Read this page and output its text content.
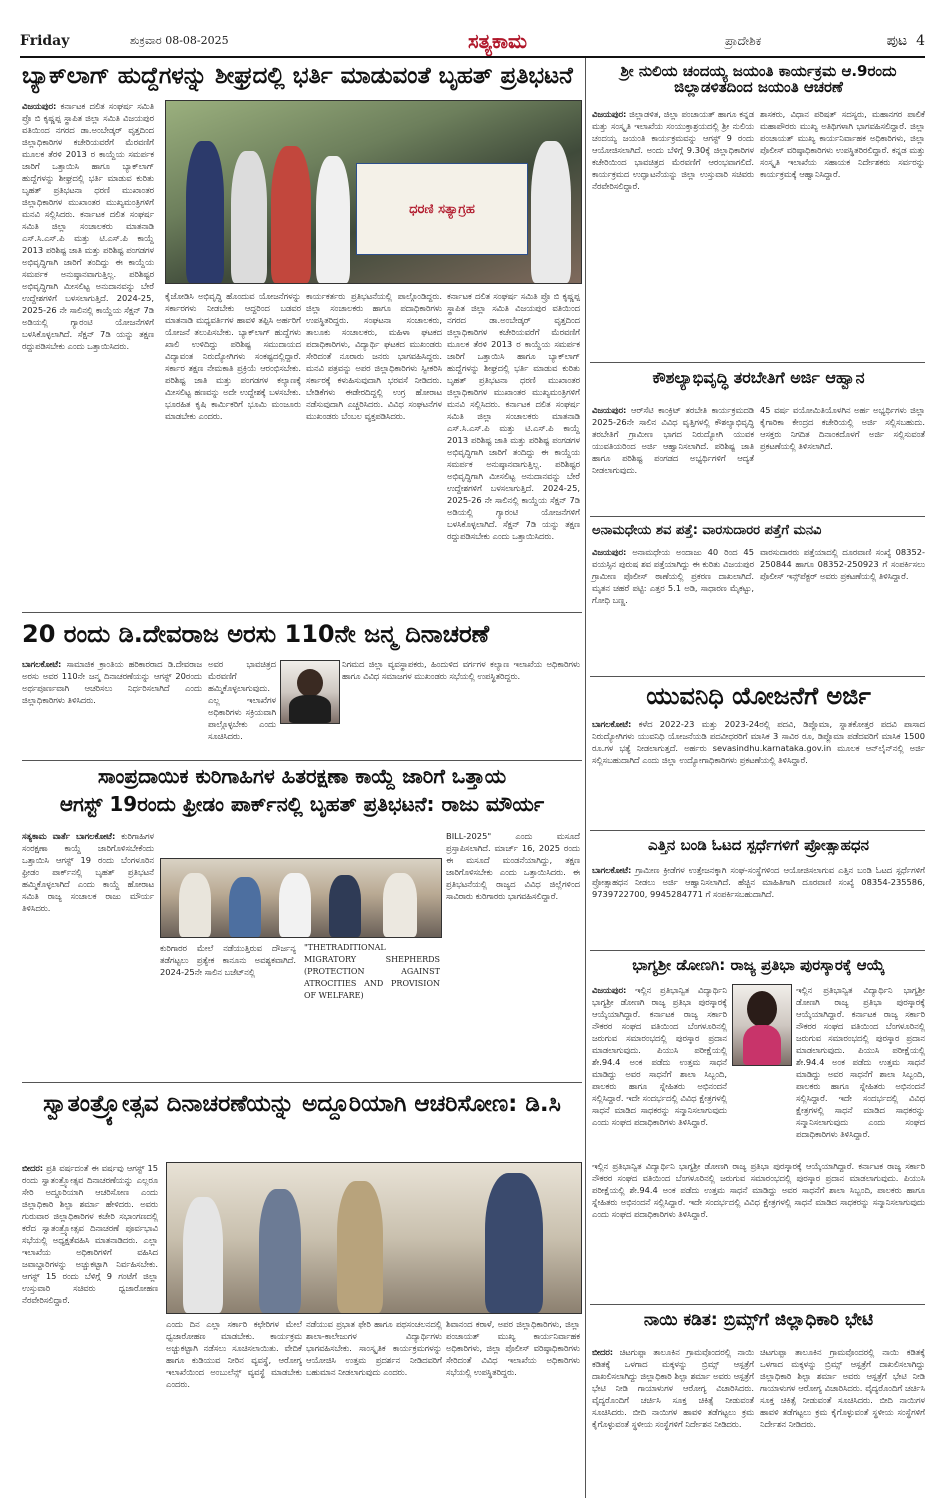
Friday	ಶುಕ್ರವಾರ 08-08-2025	ಸತ್ಯಕಾಮ	ಪ್ರಾದೇಶಿಕ	ಪುಟ 4
ಬ್ಯಾಕ್‌ಲಾಗ್ ಹುದ್ದೆಗಳನ್ನು ಶೀಘ್ರದಲ್ಲಿ ಭರ್ತಿ ಮಾಡುವಂತೆ ಬೃಹತ್ ಪ್ರತಿಭಟನೆ
ವಿಜಯಪುರ: ಕರ್ನಾಟಕ ದಲಿತ ಸಂಘರ್ಷ ಸಮಿತಿ ಪ್ರೊ ಬಿ ಕೃಷ್ಣಪ್ಪ ಸ್ಥಾಪಿತ ಜಿಲ್ಲಾ ಸಮಿತಿ ವಿಜಯಪುರ ವತಿಯಿಂದ ನಗರದ ಡಾ.ಅಂಬೇಡ್ಕರ್ ವೃತ್ತದಿಂದ ಜಿಲ್ಲಾಧಿಕಾರಿಗಳ ಕಚೇರಿಯವರೆಗೆ ಮೆರವಣಿಗೆ ಮೂಲಕ ತೆರಳಿ 2013 ರ ಕಾಯ್ದೆಯ ಸಮರ್ಪಕ ಜಾರಿಗೆ ಒತ್ತಾಯಿಸಿ ಹಾಗೂ ಬ್ಯಾಕ್‌ಲಾಗ್ ಹುದ್ದೆಗಳನ್ನು ಶೀಘ್ರದಲ್ಲಿ ಭರ್ತಿ ಮಾಡುವ ಕುರಿತು ಬೃಹತ್ ಪ್ರತಿಭಟನಾ ಧರಣಿ ಮುಖಾಂತರ ಜಿಲ್ಲಾಧಿಕಾರಿಗಳ ಮುಖಾಂತರ ಮುಖ್ಯಮಂತ್ರಿಗಳಿಗೆ ಮನವಿ ಸಲ್ಲಿಸಿದರು. ಕರ್ನಾಟಕ ದಲಿತ ಸಂಘರ್ಷ ಸಮಿತಿ ಜಿಲ್ಲಾ ಸಂಚಾಲಕರು ಮಾತನಾಡಿ ಎಸ್.ಸಿ.ಎಸ್.ಪಿ ಮತ್ತು ಟಿ.ಎಸ್.ಪಿ ಕಾಯ್ದೆ 2013 ಪರಿಶಿಷ್ಟ ಜಾತಿ ಮತ್ತು ಪರಿಶಿಷ್ಟ ಪಂಗಡಗಳ ಅಭಿವೃದ್ಧಿಗಾಗಿ ಜಾರಿಗೆ ತಂದಿದ್ದು ಈ ಕಾಯ್ದೆಯ ಸಮರ್ಪಕ ಅನುಷ್ಠಾನವಾಗುತ್ತಿಲ್ಲ. ಪರಿಶಿಷ್ಟರ ಅಭಿವೃದ್ಧಿಗಾಗಿ ಮೀಸಲಿಟ್ಟ ಅನುದಾನವನ್ನು ಬೇರೆ ಉದ್ದೇಶಗಳಿಗೆ ಬಳಸಲಾಗುತ್ತಿದೆ. 2024-25, 2025-26 ನೇ ಸಾಲಿನಲ್ಲಿ ಕಾಯ್ದೆಯ ಸೆಕ್ಷನ್ 7ಡಿ ಅಡಿಯಲ್ಲಿ ಗ್ಯಾರಂಟಿ ಯೋಜನೆಗಳಿಗೆ ಬಳಸಿಕೊಳ್ಳಲಾಗಿದೆ. ಸೆಕ್ಷನ್ 7ಡಿ ಯನ್ನು ತಕ್ಷಣ ರದ್ದುಪಡಿಸಬೇಕು ಎಂದು ಒತ್ತಾಯಿಸಿದರು.
ಧರಣಿ ಸತ್ಯಾಗ್ರಹ
ಕೈಜೋಡಿಸಿ ಅಭಿವೃದ್ಧಿ ಹೊಂದುವ ಯೋಜನೆಗಳನ್ನು ಸರ್ಕಾರಗಳು ನೀಡಬೇಕು ಆದ್ದರಿಂದ ಬಡವರ ಮಾತನಾಡಿ ಮಧ್ಯವರ್ತಿಗಳ ಹಾವಳಿ ತಪ್ಪಿಸಿ ಅರ್ಹರಿಗೆ ಯೋಜನೆ ತಲುಪಿಸಬೇಕು. ಬ್ಯಾಕ್‌ಲಾಗ್ ಹುದ್ದೆಗಳು ಖಾಲಿ ಉಳಿದಿದ್ದು ಪರಿಶಿಷ್ಟ ಸಮುದಾಯದ ವಿದ್ಯಾವಂತ ನಿರುದ್ಯೋಗಿಗಳು ಸಂಕಷ್ಟದಲ್ಲಿದ್ದಾರೆ. ಸರ್ಕಾರ ತಕ್ಷಣ ನೇಮಕಾತಿ ಪ್ರಕ್ರಿಯೆ ಆರಂಭಿಸಬೇಕು. ಪರಿಶಿಷ್ಟ ಜಾತಿ ಮತ್ತು ಪಂಗಡಗಳ ಕಲ್ಯಾಣಕ್ಕೆ ಮೀಸಲಿಟ್ಟ ಹಣವನ್ನು ಅದೇ ಉದ್ದೇಶಕ್ಕೆ ಬಳಸಬೇಕು. ಭೂರಹಿತ ಕೃಷಿ ಕಾರ್ಮಿಕರಿಗೆ ಭೂಮಿ ಮಂಜೂರು ಮಾಡಬೇಕು ಎಂದರು.
ಕಾರ್ಯಕರ್ತರು ಪ್ರತಿಭಟನೆಯಲ್ಲಿ ಪಾಲ್ಗೊಂಡಿದ್ದರು. ಜಿಲ್ಲಾ ಸಂಚಾಲಕರು ಹಾಗೂ ಪದಾಧಿಕಾರಿಗಳು ಉಪಸ್ಥಿತರಿದ್ದರು. ಸಂಘಟನಾ ಸಂಚಾಲಕರು, ತಾಲೂಕು ಸಂಚಾಲಕರು, ಮಹಿಳಾ ಘಟಕದ ಪದಾಧಿಕಾರಿಗಳು, ವಿದ್ಯಾರ್ಥಿ ಘಟಕದ ಮುಖಂಡರು ಸೇರಿದಂತೆ ನೂರಾರು ಜನರು ಭಾಗವಹಿಸಿದ್ದರು. ಮನವಿ ಪತ್ರವನ್ನು ಅಪರ ಜಿಲ್ಲಾಧಿಕಾರಿಗಳು ಸ್ವೀಕರಿಸಿ ಸರ್ಕಾರಕ್ಕೆ ಕಳುಹಿಸುವುದಾಗಿ ಭರವಸೆ ನೀಡಿದರು. ಬೇಡಿಕೆಗಳು ಈಡೇರದಿದ್ದಲ್ಲಿ ಉಗ್ರ ಹೋರಾಟ ನಡೆಸುವುದಾಗಿ ಎಚ್ಚರಿಸಿದರು. ವಿವಿಧ ಸಂಘಟನೆಗಳ ಮುಖಂಡರು ಬೆಂಬಲ ವ್ಯಕ್ತಪಡಿಸಿದರು.
ಕರ್ನಾಟಕ ದಲಿತ ಸಂಘರ್ಷ ಸಮಿತಿ ಪ್ರೊ ಬಿ ಕೃಷ್ಣಪ್ಪ ಸ್ಥಾಪಿತ ಜಿಲ್ಲಾ ಸಮಿತಿ ವಿಜಯಪುರ ವತಿಯಿಂದ ನಗರದ ಡಾ.ಅಂಬೇಡ್ಕರ್ ವೃತ್ತದಿಂದ ಜಿಲ್ಲಾಧಿಕಾರಿಗಳ ಕಚೇರಿಯವರೆಗೆ ಮೆರವಣಿಗೆ ಮೂಲಕ ತೆರಳಿ 2013 ರ ಕಾಯ್ದೆಯ ಸಮರ್ಪಕ ಜಾರಿಗೆ ಒತ್ತಾಯಿಸಿ ಹಾಗೂ ಬ್ಯಾಕ್‌ಲಾಗ್ ಹುದ್ದೆಗಳನ್ನು ಶೀಘ್ರದಲ್ಲಿ ಭರ್ತಿ ಮಾಡುವ ಕುರಿತು ಬೃಹತ್ ಪ್ರತಿಭಟನಾ ಧರಣಿ ಮುಖಾಂತರ ಜಿಲ್ಲಾಧಿಕಾರಿಗಳ ಮುಖಾಂತರ ಮುಖ್ಯಮಂತ್ರಿಗಳಿಗೆ ಮನವಿ ಸಲ್ಲಿಸಿದರು. ಕರ್ನಾಟಕ ದಲಿತ ಸಂಘರ್ಷ ಸಮಿತಿ ಜಿಲ್ಲಾ ಸಂಚಾಲಕರು ಮಾತನಾಡಿ ಎಸ್.ಸಿ.ಎಸ್.ಪಿ ಮತ್ತು ಟಿ.ಎಸ್.ಪಿ ಕಾಯ್ದೆ 2013 ಪರಿಶಿಷ್ಟ ಜಾತಿ ಮತ್ತು ಪರಿಶಿಷ್ಟ ಪಂಗಡಗಳ ಅಭಿವೃದ್ಧಿಗಾಗಿ ಜಾರಿಗೆ ತಂದಿದ್ದು ಈ ಕಾಯ್ದೆಯ ಸಮರ್ಪಕ ಅನುಷ್ಠಾನವಾಗುತ್ತಿಲ್ಲ. ಪರಿಶಿಷ್ಟರ ಅಭಿವೃದ್ಧಿಗಾಗಿ ಮೀಸಲಿಟ್ಟ ಅನುದಾನವನ್ನು ಬೇರೆ ಉದ್ದೇಶಗಳಿಗೆ ಬಳಸಲಾಗುತ್ತಿದೆ. 2024-25, 2025-26 ನೇ ಸಾಲಿನಲ್ಲಿ ಕಾಯ್ದೆಯ ಸೆಕ್ಷನ್ 7ಡಿ ಅಡಿಯಲ್ಲಿ ಗ್ಯಾರಂಟಿ ಯೋಜನೆಗಳಿಗೆ ಬಳಸಿಕೊಳ್ಳಲಾಗಿದೆ. ಸೆಕ್ಷನ್ 7ಡಿ ಯನ್ನು ತಕ್ಷಣ ರದ್ದುಪಡಿಸಬೇಕು ಎಂದು ಒತ್ತಾಯಿಸಿದರು.
20 ರಂದು ಡಿ.ದೇವರಾಜ ಅರಸು 110ನೇ ಜನ್ಮ ದಿನಾಚರಣೆ
ಬಾಗಲಕೋಟೆ: ಸಾಮಾಜಿಕ ಕ್ರಾಂತಿಯ ಹರಿಕಾರರಾದ ಡಿ.ದೇವರಾಜ ಅರಸು ಅವರ 110ನೇ ಜನ್ಮ ದಿನಾಚರಣೆಯನ್ನು ಆಗಸ್ಟ್ 20ರಂದು ಅರ್ಥಪೂರ್ಣವಾಗಿ ಆಚರಿಸಲು ನಿರ್ಧರಿಸಲಾಗಿದೆ ಎಂದು ಜಿಲ್ಲಾಧಿಕಾರಿಗಳು ತಿಳಿಸಿದರು.
ಅವರ ಭಾವಚಿತ್ರದ ಮೆರವಣಿಗೆ ಹಮ್ಮಿಕೊಳ್ಳಲಾಗುವುದು. ಎಲ್ಲ ಇಲಾಖೆಗಳ ಅಧಿಕಾರಿಗಳು ಸಕ್ರಿಯವಾಗಿ ಪಾಲ್ಗೊಳ್ಳಬೇಕು ಎಂದು ಸೂಚಿಸಿದರು.
ನಿಗಮದ ಜಿಲ್ಲಾ ವ್ಯವಸ್ಥಾಪಕರು, ಹಿಂದುಳಿದ ವರ್ಗಗಳ ಕಲ್ಯಾಣ ಇಲಾಖೆಯ ಅಧಿಕಾರಿಗಳು ಹಾಗೂ ವಿವಿಧ ಸಮಾಜಗಳ ಮುಖಂಡರು ಸಭೆಯಲ್ಲಿ ಉಪಸ್ಥಿತರಿದ್ದರು.
ಸಾಂಪ್ರದಾಯಿಕ ಕುರಿಗಾಹಿಗಳ ಹಿತರಕ್ಷಣಾ ಕಾಯ್ದೆ ಜಾರಿಗೆ ಒತ್ತಾಯ
ಆಗಸ್ಟ್ 19ರಂದು ಫ್ರೀಡಂ ಪಾರ್ಕ್‌ನಲ್ಲಿ ಬೃಹತ್ ಪ್ರತಿಭಟನೆ: ರಾಜು ಮೌರ್ಯ
ಸತ್ಯಕಾಮ ವಾರ್ತೆ ಬಾಗಲಕೋಟೆ: ಕುರಿಗಾಹಿಗಳ ಸಂರಕ್ಷಣಾ ಕಾಯ್ದೆ ಜಾರಿಗೊಳಿಸಬೇಕೆಂದು ಒತ್ತಾಯಿಸಿ ಆಗಸ್ಟ್ 19 ರಂದು ಬೆಂಗಳೂರಿನ ಫ್ರೀಡಂ ಪಾರ್ಕ್‌ನಲ್ಲಿ ಬೃಹತ್ ಪ್ರತಿಭಟನೆ ಹಮ್ಮಿಕೊಳ್ಳಲಾಗಿದೆ ಎಂದು ಕಾಯ್ದೆ ಹೋರಾಟ ಸಮಿತಿ ರಾಜ್ಯ ಸಂಚಾಲಕ ರಾಜು ಮೌರ್ಯ ತಿಳಿಸಿದರು.
ಕುರಿಗಾರರ ಮೇಲೆ ನಡೆಯುತ್ತಿರುವ ದೌರ್ಜನ್ಯ ತಡೆಗಟ್ಟಲು ಪ್ರತ್ಯೇಕ ಕಾನೂನು ಅವಶ್ಯಕವಾಗಿದೆ. 2024-25ನೇ ಸಾಲಿನ ಬಜೆಟ್‌ನಲ್ಲಿ
"THETRADITIONAL MIGRATORY SHEPHERDS (PROTECTION AGAINST ATROCITIES AND PROVISION OF WELFARE)
BILL-2025" ಎಂದು ಮಸೂದೆ ಪ್ರಸ್ತಾಪಿಸಲಾಗಿದೆ. ಮಾರ್ಚ್ 16, 2025 ರಂದು ಈ ಮಸೂದೆ ಮಂಡನೆಯಾಗಿದ್ದು, ತಕ್ಷಣ ಜಾರಿಗೊಳಿಸಬೇಕು ಎಂದು ಒತ್ತಾಯಿಸಿದರು. ಈ ಪ್ರತಿಭಟನೆಯಲ್ಲಿ ರಾಜ್ಯದ ವಿವಿಧ ಜಿಲ್ಲೆಗಳಿಂದ ಸಾವಿರಾರು ಕುರಿಗಾರರು ಭಾಗವಹಿಸಲಿದ್ದಾರೆ.
ಸ್ವಾತಂತ್ರ್ಯೋತ್ಸವ ದಿನಾಚರಣೆಯನ್ನು ಅದ್ದೂರಿಯಾಗಿ ಆಚರಿಸೋಣ: ಡಿ.ಸಿ
ಬೀದರ: ಪ್ರತಿ ವರ್ಷದಂತೆ ಈ ವರ್ಷವು ಆಗಸ್ಟ್ 15 ರಂದು ಸ್ವಾತಂತ್ರ್ಯೋತ್ಸವ ದಿನಾಚರಣೆಯನ್ನು ಎಲ್ಲರೂ ಸೇರಿ ಅದ್ದೂರಿಯಾಗಿ ಆಚರಿಸೋಣ ಎಂದು ಜಿಲ್ಲಾಧಿಕಾರಿ ಶಿಲ್ಪಾ ಶರ್ಮಾ ಹೇಳಿದರು. ಅವರು ಗುರುವಾರ ಜಿಲ್ಲಾಧಿಕಾರಿಗಳ ಕಚೇರಿ ಸಭಾಂಗಣದಲ್ಲಿ ಕರೆದ ಸ್ವಾತಂತ್ರ್ಯೋತ್ಸವ ದಿನಾಚರಣೆ ಪೂರ್ವಭಾವಿ ಸಭೆಯಲ್ಲಿ ಅಧ್ಯಕ್ಷತೆವಹಿಸಿ ಮಾತನಾಡಿದರು. ಎಲ್ಲಾ ಇಲಾಖೆಯ ಅಧಿಕಾರಿಗಳಿಗೆ ವಹಿಸಿದ ಜವಾಬ್ದಾರಿಗಳನ್ನು ಅಚ್ಚುಕಟ್ಟಾಗಿ ನಿರ್ವಹಿಸಬೇಕು. ಆಗಸ್ಟ್ 15 ರಂದು ಬೆಳಿಗ್ಗೆ 9 ಗಂಟೆಗೆ ಜಿಲ್ಲಾ ಉಸ್ತುವಾರಿ ಸಚಿವರು ಧ್ವಜಾರೋಹಣ ನೆರವೇರಿಸಲಿದ್ದಾರೆ.
ಎಂದು ದಿನ ಎಲ್ಲಾ ಸರ್ಕಾರಿ ಕಛೇರಿಗಳ ಮೇಲೆ ಧ್ವಜಾರೋಹಣ ಮಾಡಬೇಕು. ಕಾರ್ಯಕ್ರಮ ಅಚ್ಚುಕಟ್ಟಾಗಿ ನಡೆಸಲು ಸೂಚಿಸಲಾಯಿತು. ವೇದಿಕೆ ಹಾಗೂ ಕುಡಿಯುವ ನೀರಿನ ವ್ಯವಸ್ಥೆ, ಆರೋಗ್ಯ ಇಲಾಖೆಯಿಂದ ಅಂಬುಲೆನ್ಸ್ ವ್ಯವಸ್ಥೆ ಮಾಡಬೇಕು ಎಂದರು.
ನಡೆಯುವ ಪ್ರಭಾತ ಫೇರಿ ಹಾಗೂ ಪಥಸಂಚಲನದಲ್ಲಿ ಶಾಲಾ-ಕಾಲೇಜುಗಳ ವಿದ್ಯಾರ್ಥಿಗಳು ಭಾಗವಹಿಸಬೇಕು. ಸಾಂಸ್ಕೃತಿಕ ಕಾರ್ಯಕ್ರಮಗಳನ್ನು ಆಯೋಜಿಸಿ ಉತ್ತಮ ಪ್ರದರ್ಶನ ನೀಡಿದವರಿಗೆ ಬಹುಮಾನ ನೀಡಲಾಗುವುದು ಎಂದರು.
ಶಿವಾನಂದ ಕರಾಳೆ, ಅಪರ ಜಿಲ್ಲಾಧಿಕಾರಿಗಳು, ಜಿಲ್ಲಾ ಪಂಚಾಯತ್ ಮುಖ್ಯ ಕಾರ್ಯನಿರ್ವಾಹಕ ಅಧಿಕಾರಿಗಳು, ಜಿಲ್ಲಾ ಪೊಲೀಸ್ ವರಿಷ್ಠಾಧಿಕಾರಿಗಳು ಸೇರಿದಂತೆ ವಿವಿಧ ಇಲಾಖೆಯ ಅಧಿಕಾರಿಗಳು ಸಭೆಯಲ್ಲಿ ಉಪಸ್ಥಿತರಿದ್ದರು.
ಶ್ರೀ ನುಲಿಯ ಚಂದಯ್ಯ ಜಯಂತಿ ಕಾರ್ಯಕ್ರಮ ಆ.9ರಂದು ಜಿಲ್ಲಾಡಳಿತದಿಂದ ಜಯಂತಿ ಆಚರಣೆ
ವಿಜಯಪುರ: ಜಿಲ್ಲಾಡಳಿತ, ಜಿಲ್ಲಾ ಪಂಚಾಯತ್ ಹಾಗೂ ಕನ್ನಡ ಮತ್ತು ಸಂಸ್ಕೃತಿ ಇಲಾಖೆಯ ಸಂಯುಕ್ತಾಶ್ರಯದಲ್ಲಿ ಶ್ರೀ ನುಲಿಯ ಚಂದಯ್ಯ ಜಯಂತಿ ಕಾರ್ಯಕ್ರಮವನ್ನು ಆಗಸ್ಟ್ 9 ರಂದು ಆಯೋಜಿಸಲಾಗಿದೆ. ಅಂದು ಬೆಳಿಗ್ಗೆ 9.30ಕ್ಕೆ ಜಿಲ್ಲಾಧಿಕಾರಿಗಳ ಕಚೇರಿಯಿಂದ ಭಾವಚಿತ್ರದ ಮೆರವಣಿಗೆ ಆರಂಭವಾಗಲಿದೆ. ಕಾರ್ಯಕ್ರಮದ ಉದ್ಘಾಟನೆಯನ್ನು ಜಿಲ್ಲಾ ಉಸ್ತುವಾರಿ ಸಚಿವರು ನೆರವೇರಿಸಲಿದ್ದಾರೆ.
ಶಾಸಕರು, ವಿಧಾನ ಪರಿಷತ್ ಸದಸ್ಯರು, ಮಹಾನಗರ ಪಾಲಿಕೆ ಮಹಾಪೌರರು ಮುಖ್ಯ ಅತಿಥಿಗಳಾಗಿ ಭಾಗವಹಿಸಲಿದ್ದಾರೆ. ಜಿಲ್ಲಾ ಪಂಚಾಯತ್ ಮುಖ್ಯ ಕಾರ್ಯನಿರ್ವಾಹಕ ಅಧಿಕಾರಿಗಳು, ಜಿಲ್ಲಾ ಪೊಲೀಸ್ ವರಿಷ್ಠಾಧಿಕಾರಿಗಳು ಉಪಸ್ಥಿತರಿರಲಿದ್ದಾರೆ. ಕನ್ನಡ ಮತ್ತು ಸಂಸ್ಕೃತಿ ಇಲಾಖೆಯ ಸಹಾಯಕ ನಿರ್ದೇಶಕರು ಸರ್ವರನ್ನು ಕಾರ್ಯಕ್ರಮಕ್ಕೆ ಆಹ್ವಾನಿಸಿದ್ದಾರೆ.
ಕೌಶಲ್ಯಾಭಿವೃದ್ಧಿ ತರಬೇತಿಗೆ ಅರ್ಜಿ ಆಹ್ವಾನ
ವಿಜಯಪುರ: ಆರ್‌ಸೆಟಿ ಕಾಂಕ್ರಿಟ್ ತರಬೇತಿ ಕಾರ್ಯಕ್ರಮದಡಿ 2025-26ನೇ ಸಾಲಿನ ವಿವಿಧ ವೃತ್ತಿಗಳಲ್ಲಿ ಕೌಶಲ್ಯಾಭಿವೃದ್ಧಿ ತರಬೇತಿಗೆ ಗ್ರಾಮೀಣ ಭಾಗದ ನಿರುದ್ಯೋಗಿ ಯುವಕ ಯುವತಿಯರಿಂದ ಅರ್ಜಿ ಆಹ್ವಾನಿಸಲಾಗಿದೆ. ಪರಿಶಿಷ್ಟ ಜಾತಿ ಹಾಗೂ ಪರಿಶಿಷ್ಟ ಪಂಗಡದ ಅಭ್ಯರ್ಥಿಗಳಿಗೆ ಆದ್ಯತೆ ನೀಡಲಾಗುವುದು.
45 ವರ್ಷ ವಯೋಮಿತಿಯೊಳಗಿನ ಅರ್ಹ ಅಭ್ಯರ್ಥಿಗಳು ಜಿಲ್ಲಾ ಕೈಗಾರಿಕಾ ಕೇಂದ್ರದ ಕಚೇರಿಯಲ್ಲಿ ಅರ್ಜಿ ಸಲ್ಲಿಸಬಹುದು. ಆಸಕ್ತರು ನಿಗದಿತ ದಿನಾಂಕದೊಳಗೆ ಅರ್ಜಿ ಸಲ್ಲಿಸುವಂತೆ ಪ್ರಕಟಣೆಯಲ್ಲಿ ತಿಳಿಸಲಾಗಿದೆ.
ಅನಾಮಧೇಯ ಶವ ಪತ್ತೆ: ವಾರಸುದಾರರ ಪತ್ತೆಗೆ ಮನವಿ
ವಿಜಯಪುರ: ಅನಾಮಧೇಯ ಅಂದಾಜು 40 ರಿಂದ 45 ವಯಸ್ಸಿನ ಪುರುಷ ಶವ ಪತ್ತೆಯಾಗಿದ್ದು ಈ ಕುರಿತು ವಿಜಯಪುರ ಗ್ರಾಮೀಣ ಪೊಲೀಸ್ ಠಾಣೆಯಲ್ಲಿ ಪ್ರಕರಣ ದಾಖಲಾಗಿದೆ. ಮೃತನ ಚಹರೆ ಪಟ್ಟಿ: ಎತ್ತರ 5.1 ಅಡಿ, ಸಾಧಾರಣ ಮೈಕಟ್ಟು, ಗೋಧಿ ಬಣ್ಣ.
ವಾರಸುದಾರರು ಪತ್ತೆಯಾದಲ್ಲಿ ದೂರವಾಣಿ ಸಂಖ್ಯೆ 08352-250844 ಹಾಗೂ 08352-250923 ಗೆ ಸಂಪರ್ಕಿಸಲು ಪೊಲೀಸ್ ಇನ್ಸ್‌ಪೆಕ್ಟರ್ ಅವರು ಪ್ರಕಟಣೆಯಲ್ಲಿ ತಿಳಿಸಿದ್ದಾರೆ.
ಯುವನಿಧಿ ಯೋಜನೆಗೆ ಅರ್ಜಿ
ಬಾಗಲಕೋಟೆ: ಕಳೆದ 2022-23 ಮತ್ತು 2023-24ರಲ್ಲಿ ಪದವಿ, ಡಿಪ್ಲೊಮಾ, ಸ್ನಾತಕೋತ್ತರ ಪದವಿ ಪಾಸಾದ ನಿರುದ್ಯೋಗಿಗಳು ಯುವನಿಧಿ ಯೋಜನೆಯಡಿ ಪದವೀಧರರಿಗೆ ಮಾಸಿಕ 3 ಸಾವಿರ ರೂ, ಡಿಪ್ಲೊಮಾ ಪಡೆದವರಿಗೆ ಮಾಸಿಕ 1500 ರೂ.ಗಳ ಭತ್ಯೆ ನೀಡಲಾಗುತ್ತದೆ. ಅರ್ಹರು sevasindhu.karnataka.gov.in ಮೂಲಕ ಆನ್‌ಲೈನ್‌ನಲ್ಲಿ ಅರ್ಜಿ ಸಲ್ಲಿಸಬಹುದಾಗಿದೆ ಎಂದು ಜಿಲ್ಲಾ ಉದ್ಯೋಗಾಧಿಕಾರಿಗಳು ಪ್ರಕಟಣೆಯಲ್ಲಿ ತಿಳಿಸಿದ್ದಾರೆ.
ಎತ್ತಿನ ಬಂಡಿ ಓಟದ ಸ್ಪರ್ಧೆಗಳಿಗೆ ಪ್ರೋತ್ಸಾಹಧನ
ಬಾಗಲಕೋಟೆ: ಗ್ರಾಮೀಣ ಕ್ರೀಡೆಗಳ ಉತ್ತೇಜನಕ್ಕಾಗಿ ಸಂಘ-ಸಂಸ್ಥೆಗಳಿಂದ ಆಯೋಜಿಸಲಾಗುವ ಎತ್ತಿನ ಬಂಡಿ ಓಟದ ಸ್ಪರ್ಧೆಗಳಿಗೆ ಪ್ರೋತ್ಸಾಹಧನ ನೀಡಲು ಅರ್ಜಿ ಆಹ್ವಾನಿಸಲಾಗಿದೆ. ಹೆಚ್ಚಿನ ಮಾಹಿತಿಗಾಗಿ ದೂರವಾಣಿ ಸಂಖ್ಯೆ 08354-235586, 9739722700, 9945284771 ಗೆ ಸಂಪರ್ಕಿಸಬಹುದಾಗಿದೆ.
ಭಾಗ್ಯಶ್ರೀ ಡೋಣಗಿ: ರಾಜ್ಯ ಪ್ರತಿಭಾ ಪುರಸ್ಕಾರಕ್ಕೆ ಆಯ್ಕೆ
ವಿಜಯಪುರ: ಇಲ್ಲಿನ ಪ್ರತಿಭಾನ್ವಿತ ವಿದ್ಯಾರ್ಥಿನಿ ಭಾಗ್ಯಶ್ರೀ ಡೋಣಗಿ ರಾಜ್ಯ ಪ್ರತಿಭಾ ಪುರಸ್ಕಾರಕ್ಕೆ ಆಯ್ಕೆಯಾಗಿದ್ದಾರೆ. ಕರ್ನಾಟಕ ರಾಜ್ಯ ಸರ್ಕಾರಿ ನೌಕರರ ಸಂಘದ ವತಿಯಿಂದ ಬೆಂಗಳೂರಿನಲ್ಲಿ ಜರುಗುವ ಸಮಾರಂಭದಲ್ಲಿ ಪುರಸ್ಕಾರ ಪ್ರದಾನ ಮಾಡಲಾಗುವುದು. ಪಿಯುಸಿ ಪರೀಕ್ಷೆಯಲ್ಲಿ ಶೇ.94.4 ಅಂಕ ಪಡೆದು ಉತ್ತಮ ಸಾಧನೆ ಮಾಡಿದ್ದು ಅವರ ಸಾಧನೆಗೆ ಶಾಲಾ ಸಿಬ್ಬಂದಿ, ಪಾಲಕರು ಹಾಗೂ ಸ್ನೇಹಿತರು ಅಭಿನಂದನೆ ಸಲ್ಲಿಸಿದ್ದಾರೆ. ಇದೇ ಸಂದರ್ಭದಲ್ಲಿ ವಿವಿಧ ಕ್ಷೇತ್ರಗಳಲ್ಲಿ ಸಾಧನೆ ಮಾಡಿದ ಸಾಧಕರನ್ನು ಸನ್ಮಾನಿಸಲಾಗುವುದು ಎಂದು ಸಂಘದ ಪದಾಧಿಕಾರಿಗಳು ತಿಳಿಸಿದ್ದಾರೆ.
ಇಲ್ಲಿನ ಪ್ರತಿಭಾನ್ವಿತ ವಿದ್ಯಾರ್ಥಿನಿ ಭಾಗ್ಯಶ್ರೀ ಡೋಣಗಿ ರಾಜ್ಯ ಪ್ರತಿಭಾ ಪುರಸ್ಕಾರಕ್ಕೆ ಆಯ್ಕೆಯಾಗಿದ್ದಾರೆ. ಕರ್ನಾಟಕ ರಾಜ್ಯ ಸರ್ಕಾರಿ ನೌಕರರ ಸಂಘದ ವತಿಯಿಂದ ಬೆಂಗಳೂರಿನಲ್ಲಿ ಜರುಗುವ ಸಮಾರಂಭದಲ್ಲಿ ಪುರಸ್ಕಾರ ಪ್ರದಾನ ಮಾಡಲಾಗುವುದು. ಪಿಯುಸಿ ಪರೀಕ್ಷೆಯಲ್ಲಿ ಶೇ.94.4 ಅಂಕ ಪಡೆದು ಉತ್ತಮ ಸಾಧನೆ ಮಾಡಿದ್ದು ಅವರ ಸಾಧನೆಗೆ ಶಾಲಾ ಸಿಬ್ಬಂದಿ, ಪಾಲಕರು ಹಾಗೂ ಸ್ನೇಹಿತರು ಅಭಿನಂದನೆ ಸಲ್ಲಿಸಿದ್ದಾರೆ. ಇದೇ ಸಂದರ್ಭದಲ್ಲಿ ವಿವಿಧ ಕ್ಷೇತ್ರಗಳಲ್ಲಿ ಸಾಧನೆ ಮಾಡಿದ ಸಾಧಕರನ್ನು ಸನ್ಮಾನಿಸಲಾಗುವುದು ಎಂದು ಸಂಘದ ಪದಾಧಿಕಾರಿಗಳು ತಿಳಿಸಿದ್ದಾರೆ.
ಇಲ್ಲಿನ ಪ್ರತಿಭಾನ್ವಿತ ವಿದ್ಯಾರ್ಥಿನಿ ಭಾಗ್ಯಶ್ರೀ ಡೋಣಗಿ ರಾಜ್ಯ ಪ್ರತಿಭಾ ಪುರಸ್ಕಾರಕ್ಕೆ ಆಯ್ಕೆಯಾಗಿದ್ದಾರೆ. ಕರ್ನಾಟಕ ರಾಜ್ಯ ಸರ್ಕಾರಿ ನೌಕರರ ಸಂಘದ ವತಿಯಿಂದ ಬೆಂಗಳೂರಿನಲ್ಲಿ ಜರುಗುವ ಸಮಾರಂಭದಲ್ಲಿ ಪುರಸ್ಕಾರ ಪ್ರದಾನ ಮಾಡಲಾಗುವುದು. ಪಿಯುಸಿ ಪರೀಕ್ಷೆಯಲ್ಲಿ ಶೇ.94.4 ಅಂಕ ಪಡೆದು ಉತ್ತಮ ಸಾಧನೆ ಮಾಡಿದ್ದು ಅವರ ಸಾಧನೆಗೆ ಶಾಲಾ ಸಿಬ್ಬಂದಿ, ಪಾಲಕರು ಹಾಗೂ ಸ್ನೇಹಿತರು ಅಭಿನಂದನೆ ಸಲ್ಲಿಸಿದ್ದಾರೆ. ಇದೇ ಸಂದರ್ಭದಲ್ಲಿ ವಿವಿಧ ಕ್ಷೇತ್ರಗಳಲ್ಲಿ ಸಾಧನೆ ಮಾಡಿದ ಸಾಧಕರನ್ನು ಸನ್ಮಾನಿಸಲಾಗುವುದು ಎಂದು ಸಂಘದ ಪದಾಧಿಕಾರಿಗಳು ತಿಳಿಸಿದ್ದಾರೆ.
ನಾಯಿ ಕಡಿತ: ಬ್ರಿಮ್ಸ್‌ಗೆ ಜಿಲ್ಲಾಧಿಕಾರಿ ಭೇಟಿ
ಬೀದರ: ಚಿಟಗುಪ್ಪಾ ತಾಲೂಕಿನ ಗ್ರಾಮವೊಂದರಲ್ಲಿ ನಾಯಿ ಕಡಿತಕ್ಕೆ ಒಳಗಾದ ಮಕ್ಕಳನ್ನು ಬ್ರಿಮ್ಸ್ ಆಸ್ಪತ್ರೆಗೆ ದಾಖಲಿಸಲಾಗಿದ್ದು ಜಿಲ್ಲಾಧಿಕಾರಿ ಶಿಲ್ಪಾ ಶರ್ಮಾ ಅವರು ಆಸ್ಪತ್ರೆಗೆ ಭೇಟಿ ನೀಡಿ ಗಾಯಾಳುಗಳ ಆರೋಗ್ಯ ವಿಚಾರಿಸಿದರು. ವೈದ್ಯರೊಂದಿಗೆ ಚರ್ಚಿಸಿ ಸೂಕ್ತ ಚಿಕಿತ್ಸೆ ನೀಡುವಂತೆ ಸೂಚಿಸಿದರು. ಬೀದಿ ನಾಯಿಗಳ ಹಾವಳಿ ತಡೆಗಟ್ಟಲು ಕ್ರಮ ಕೈಗೊಳ್ಳುವಂತೆ ಸ್ಥಳೀಯ ಸಂಸ್ಥೆಗಳಿಗೆ ನಿರ್ದೇಶನ ನೀಡಿದರು.
ಚಿಟಗುಪ್ಪಾ ತಾಲೂಕಿನ ಗ್ರಾಮವೊಂದರಲ್ಲಿ ನಾಯಿ ಕಡಿತಕ್ಕೆ ಒಳಗಾದ ಮಕ್ಕಳನ್ನು ಬ್ರಿಮ್ಸ್ ಆಸ್ಪತ್ರೆಗೆ ದಾಖಲಿಸಲಾಗಿದ್ದು ಜಿಲ್ಲಾಧಿಕಾರಿ ಶಿಲ್ಪಾ ಶರ್ಮಾ ಅವರು ಆಸ್ಪತ್ರೆಗೆ ಭೇಟಿ ನೀಡಿ ಗಾಯಾಳುಗಳ ಆರೋಗ್ಯ ವಿಚಾರಿಸಿದರು. ವೈದ್ಯರೊಂದಿಗೆ ಚರ್ಚಿಸಿ ಸೂಕ್ತ ಚಿಕಿತ್ಸೆ ನೀಡುವಂತೆ ಸೂಚಿಸಿದರು. ಬೀದಿ ನಾಯಿಗಳ ಹಾವಳಿ ತಡೆಗಟ್ಟಲು ಕ್ರಮ ಕೈಗೊಳ್ಳುವಂತೆ ಸ್ಥಳೀಯ ಸಂಸ್ಥೆಗಳಿಗೆ ನಿರ್ದೇಶನ ನೀಡಿದರು.
